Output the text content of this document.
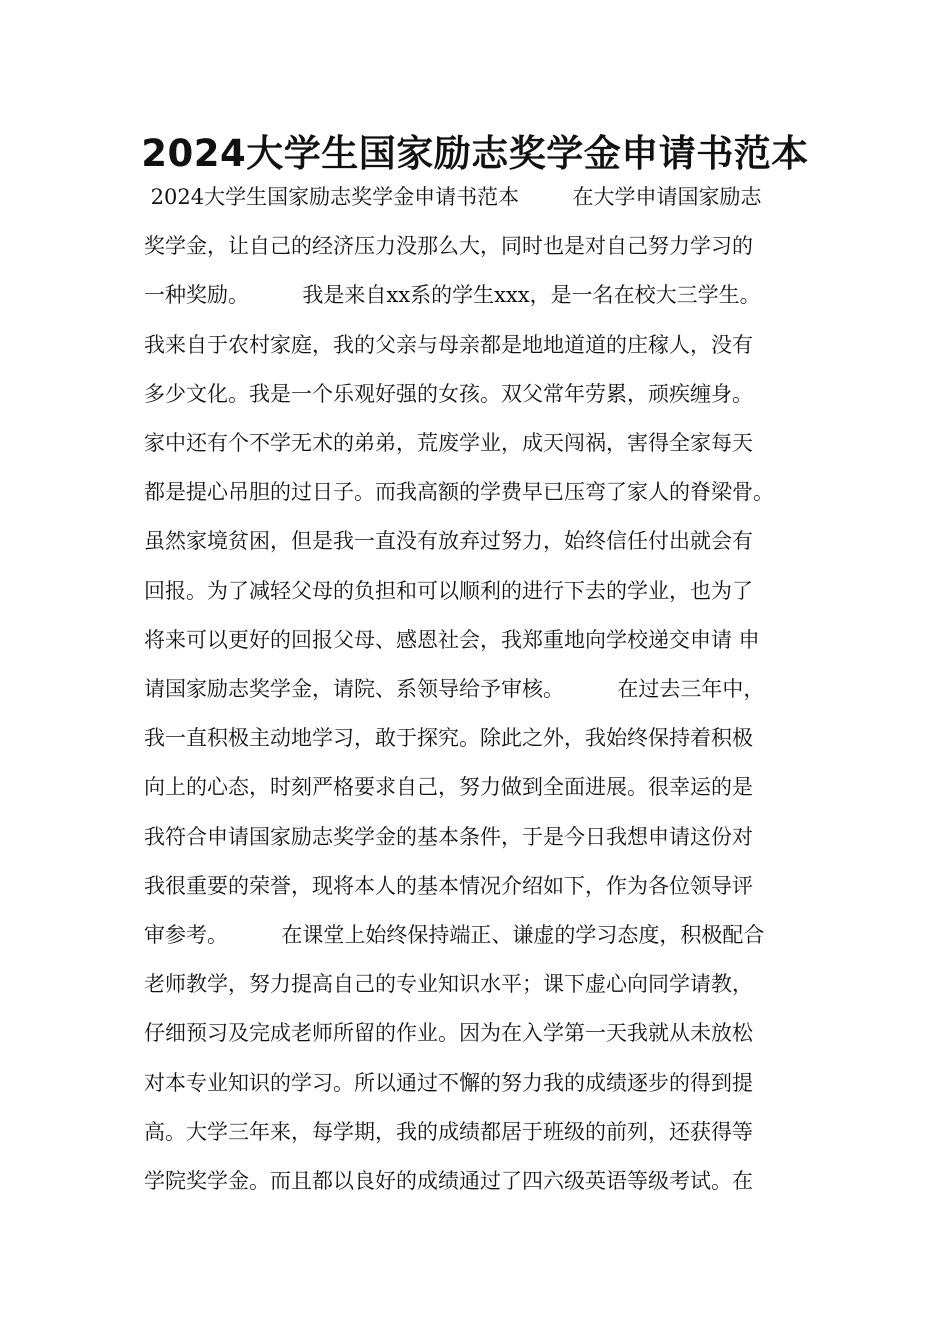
2024大学生国家励志奖学金申请书范本
2024大学生国家励志奖学金申请书范本        在大学申请国家励志
奖学金，让自己的经济压力没那么大，同时也是对自己努力学习的
一种奖励。        我是来自xx系的学生xxx，是一名在校大三学生。
我来自于农村家庭，我的父亲与母亲都是地地道道的庄稼人，没有
多少文化。我是一个乐观好强的女孩。双父常年劳累，顽疾缠身。
家中还有个不学无术的弟弟，荒废学业，成天闯祸，害得全家每天
都是提心吊胆的过日子。而我高额的学费早已压弯了家人的脊梁骨。
虽然家境贫困，但是我一直没有放弃过努力，始终信任付出就会有
回报。为了减轻父母的负担和可以顺利的进行下去的学业，也为了
将来可以更好的回报父母、感恩社会，我郑重地向学校递交申请 申
请国家励志奖学金，请院、系领导给予审核。        在过去三年中，
我一直积极主动地学习，敢于探究。除此之外，我始终保持着积极
向上的心态，时刻严格要求自己，努力做到全面进展。很幸运的是
我符合申请国家励志奖学金的基本条件，于是今日我想申请这份对
我很重要的荣誉，现将本人的基本情况介绍如下，作为各位领导评
审参考。        在课堂上始终保持端正、谦虚的学习态度，积极配合
老师教学，努力提高自己的专业知识水平；课下虚心向同学请教，
仔细预习及完成老师所留的作业。因为在入学第一天我就从未放松
对本专业知识的学习。所以通过不懈的努力我的成绩逐步的得到提
高。大学三年来，每学期，我的成绩都居于班级的前列，还获得等
学院奖学金。而且都以良好的成绩通过了四六级英语等级考试。在
